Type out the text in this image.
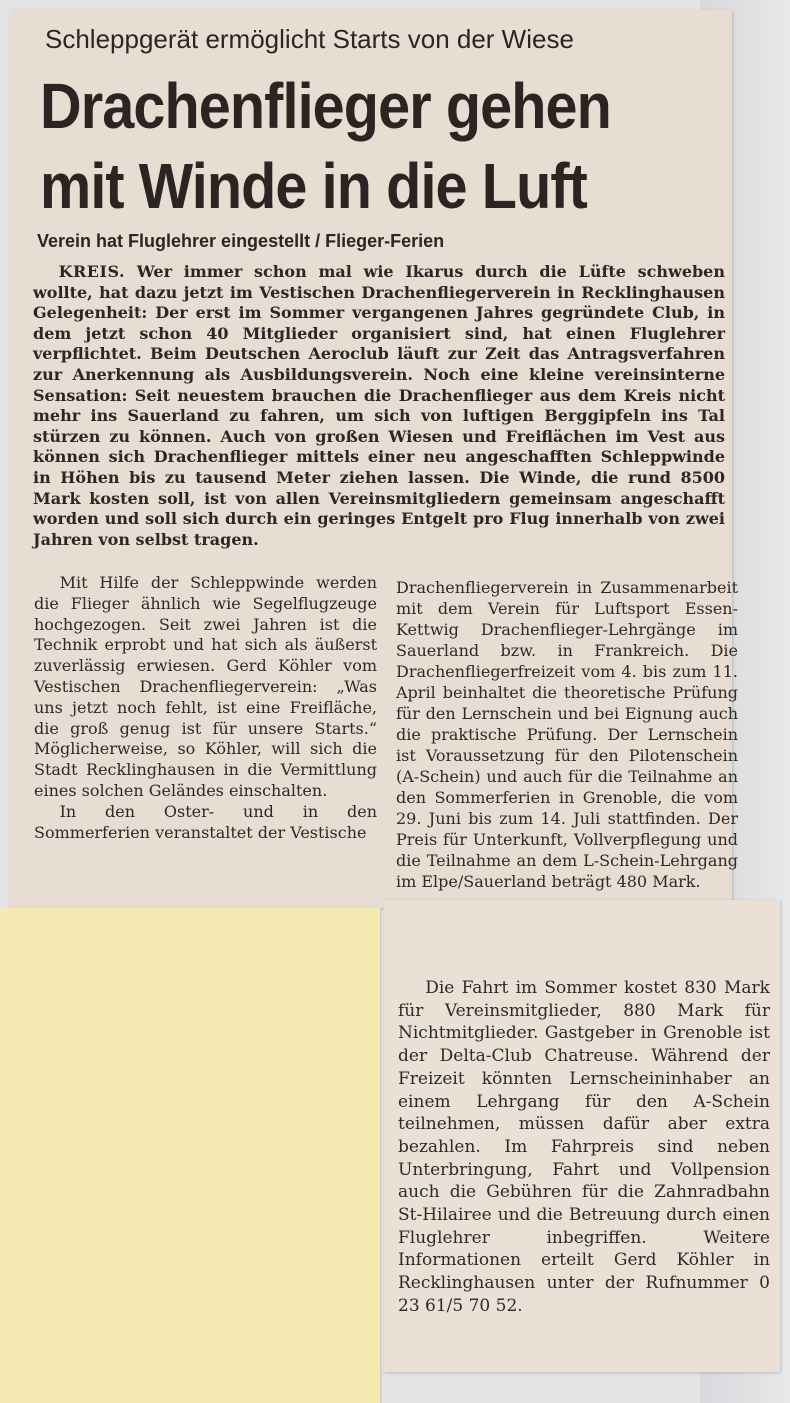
Schleppgerät ermöglicht Starts von der Wiese
Drachenflieger gehen
mit Winde in die Luft
Verein hat Fluglehrer eingestellt / Flieger-Ferien

KREIS. Wer immer schon mal wie Ikarus durch die Lüfte schweben wollte, hat dazu jetzt im Vestischen Drachenfliegerverein in Recklinghausen Gelegenheit: Der erst im Sommer vergangenen Jahres gegründete Club, in dem jetzt schon 40 Mitglieder organisiert sind, hat einen Fluglehrer verpflichtet. Beim Deutschen Aeroclub läuft zur Zeit das Antragsverfahren zur Anerkennung als Ausbildungsverein. Noch eine kleine vereinsinterne Sensation: Seit neuestem brauchen die Drachenflieger aus dem Kreis nicht mehr ins Sauerland zu fahren, um sich von luftigen Berggipfeln ins Tal stürzen zu können. Auch von großen Wiesen und Freiflächen im Vest aus können sich Drachenflieger mittels einer neu angeschafften Schleppwinde in Höhen bis zu tausend Meter ziehen lassen. Die Winde, die rund 8500 Mark kosten soll, ist von allen Vereinsmitgliedern gemeinsam angeschafft worden und soll sich durch ein geringes Entgelt pro Flug innerhalb von zwei Jahren von selbst tragen.

Mit Hilfe der Schleppwinde werden die Flieger ähnlich wie Segelflugzeuge hochgezogen. Seit zwei Jahren ist die Technik erprobt und hat sich als äußerst zuverlässig erwiesen. Gerd Köhler vom Vestischen Drachenfliegerverein: „Was uns jetzt noch fehlt, ist eine Freifläche, die groß genug ist für unsere Starts.“ Möglicherweise, so Köhler, will sich die Stadt Recklinghausen in die Vermittlung eines solchen Geländes einschalten.

In den Oster- und in den Sommerferien veranstaltet der Vestische

Drachenfliegerverein in Zusammenarbeit mit dem Verein für Luftsport Essen-Kettwig Drachenflieger-Lehrgänge im Sauerland bzw. in Frankreich. Die Drachenfliegerfreizeit vom 4. bis zum 11. April beinhaltet die theoretische Prüfung für den Lernschein und bei Eignung auch die praktische Prüfung. Der Lernschein ist Voraussetzung für den Pilotenschein (A-Schein) und auch für die Teilnahme an den Sommerferien in Grenoble, die vom 29. Juni bis zum 14. Juli stattfinden. Der Preis für Unterkunft, Vollverpflegung und die Teilnahme an dem L-Schein-Lehrgang im Elpe/Sauerland beträgt 480 Mark.

Die Fahrt im Sommer kostet 830 Mark für Vereinsmitglieder, 880 Mark für Nichtmitglieder. Gastgeber in Grenoble ist der Delta-Club Chatreuse. Während der Freizeit könnten Lernscheininhaber an einem Lehrgang für den A-Schein teilnehmen, müssen dafür aber extra bezahlen. Im Fahrpreis sind neben Unterbringung, Fahrt und Vollpension auch die Gebühren für die Zahnradbahn St-Hilairee und die Betreuung durch einen Fluglehrer inbegriffen. Weitere Informationen erteilt Gerd Köhler in Recklinghausen unter der Rufnummer 0 23 61/5 70 52.
